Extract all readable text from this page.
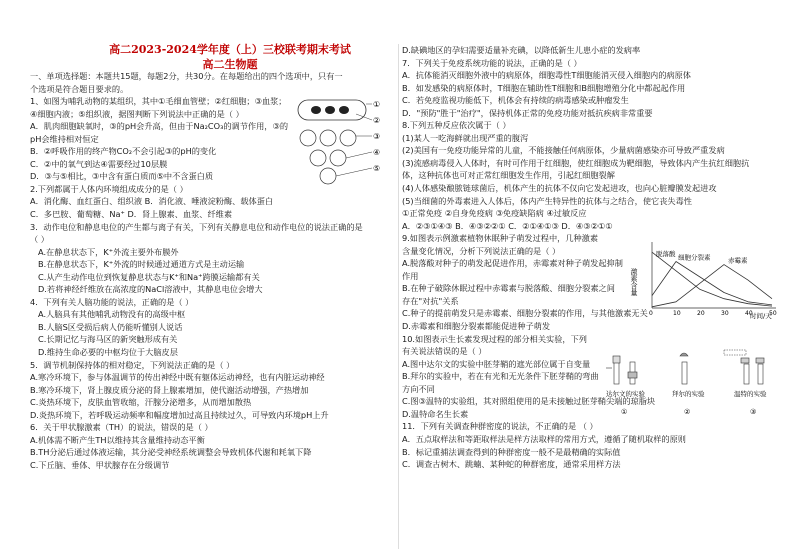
高二2023-2024学年度（上）三校联考期末考试
高二生物题
一、单项选择题：本题共15题，每题2分，共30分。在每题给出的四个选项中，只有一
个选项是符合题目要求的。
1、如图为哺乳动物的某组织，其中①毛细血管壁；②红细胞；③血浆；
④细胞内液；⑤组织液，据图判断下列说法中正确的是（ ）
A．肌肉细胞缺氧时，③的pH会升高，但由于Na₂CO₃的调节作用，③的
pH会维持相对恒定
B．②呼吸作用的终产物CO₂不会引起③的pH的变化
C．②中的氧气到达④需要经过10层膜
D．③与⑤相比，③中含有蛋白质而⑤中不含蛋白质
2.下列都属于人体内环境组成成分的是（ ）
A．消化酶、血红蛋白、组织液 B．消化液、唾液淀粉酶、载体蛋白
C．多巴胺、葡萄糖、Na⁺ D．肾上腺素、血浆、纤维素
3．动作电位和静息电位的产生都与离子有关，下列有关静息电位和动作电位的说法正确的是
（ ）
A.在静息状态下，K⁺外流主要外布膜外
B.在静息状态下，K⁺外流的时候通过通道方式是主动运输
C.从产生动作电位到恢复静息状态与K⁺和Na⁺跨膜运输都有关
D.若将神经纤维放在高浓度的NaCl溶液中，其静息电位会增大
4．下列有关人脑功能的说法，正确的是（ ）
A.人脑具有其他哺乳动物没有的高级中枢
B.人脑S区受损后病人仍能听懂别人说话
C.长期记忆与海马区的新突触形成有关
D.维持生命必要的中枢均位于大脑皮层
5．调节机制保持体的相对稳定，下列说法正确的是（ ）
A.寒冷环境下，参与体温调节的传出神经中既有躯体运动神经，也有内脏运动神经
B.寒冷环境下，肾上腺皮质分泌的肾上腺素增加，使代谢活动增强，产热增加
C.炎热环境下，皮肤血管收缩，汗腺分泌增多，从而增加散热
D.炎热环境下，若呼吸运动频率和幅度增加过高且持续过久，可导致内环境pH上升
6．关于甲状腺激素（TH）的说法，错误的是（ ）
A.机体需不断产生TH以维持其含量维持动态平衡
B.TH分泌后通过体液运输，其分泌受神经系统调整会导致机体代谢和耗氧下降
C.下丘脑、垂体、甲状腺存在分级调节
①
②
③
④
⑤
D.缺碘地区的孕妇需要适量补充碘，以降低新生儿患小症的发病率
7．下列关于免疫系统功能的说法，正确的是（ ）
A．抗体能消灭细胞外液中的病原体，细胞毒性T细胞能消灭侵入细胞内的病原体
B．如发感染的病原体时，T细胞在辅助性T细胞和B细胞增殖分化中都起起作用
C．若免疫监视功能低下，机体会有持续的病毒感染或肿瘤发生
D．"预防"胜于"治疗"，保持机体正常的免疫功能对抵抗疾病非常重要
8.下列五种反应依次属于（ ）
(1)某人一吃海鲜就出现严重的腹泻
(2)美国有一免疫功能异常的儿童，不能接触任何病原体，少量病菌感染亦可导致严重发病
(3)流感病毒侵入人体时，有时可作用于红细胞，使红细胞成为靶细胞，导致体内产生抗红细胞抗
体，这种抗体也可对正常红细胞发生作用，引起红细胞裂解
(4)人体感染酿脓链球菌后，机体产生的抗体不仅向它发起进攻，也向心脏瓣膜发起进攻
(5)当细菌的外毒素进入人体后，体内产生特异性的抗体与之结合，使它丧失毒性
①正常免疫 ②自身免疫病 ③免疫缺陷病 ④过敏反应
A．②③①④③ B．④③②②① C．②①④①③ D．④③②①①
9.如图表示例激素植物休眠种子萌发过程中，几种激素
含量变化情况，分析下列说法正确的是（ ）
A.脱落酸对种子的萌发起促进作用，赤霉素对种子萌发起抑制
作用
B.在种子破除休眠过程中赤霉素与脱落酸、细胞分裂素之间
存在"对抗"关系
C.种子的提前萌发只是赤霉素、细胞分裂素的作用，与其他激素无关
D.赤霉素和细胞分裂素都能促进种子萌发
10.如图表示生长素发现过程的部分相关实验，下列
有关说法错误的是（ ）
A.图中达尔文的实验中胚芽鞘的遮光部位属于自变量
B.拜尔的实验中，若在有光和无光条件下胚芽鞘的弯曲
方向不同
C.图③温特的实验组，其对照组使用的是未接触过胚芽鞘尖端的琼脂块
D.温特命名生长素
11．下列有关调查种群密度的说法，不正确的是 （ ）
A．五点取样法和等距取样法是样方法取样的常用方式，遵循了随机取样的原则
B．标记重捕法调查得到的种群密度一般不是最精确的实际值
C．调查古树木、跳蝻、某种蛇的种群密度，通常采用样方法
激素含量
0	10	20	30	40	50
脱落酸 细胞分裂素	赤霉素
时间/天
达尔文的实验
①
拜尔的实验
②
温特的实验
③
